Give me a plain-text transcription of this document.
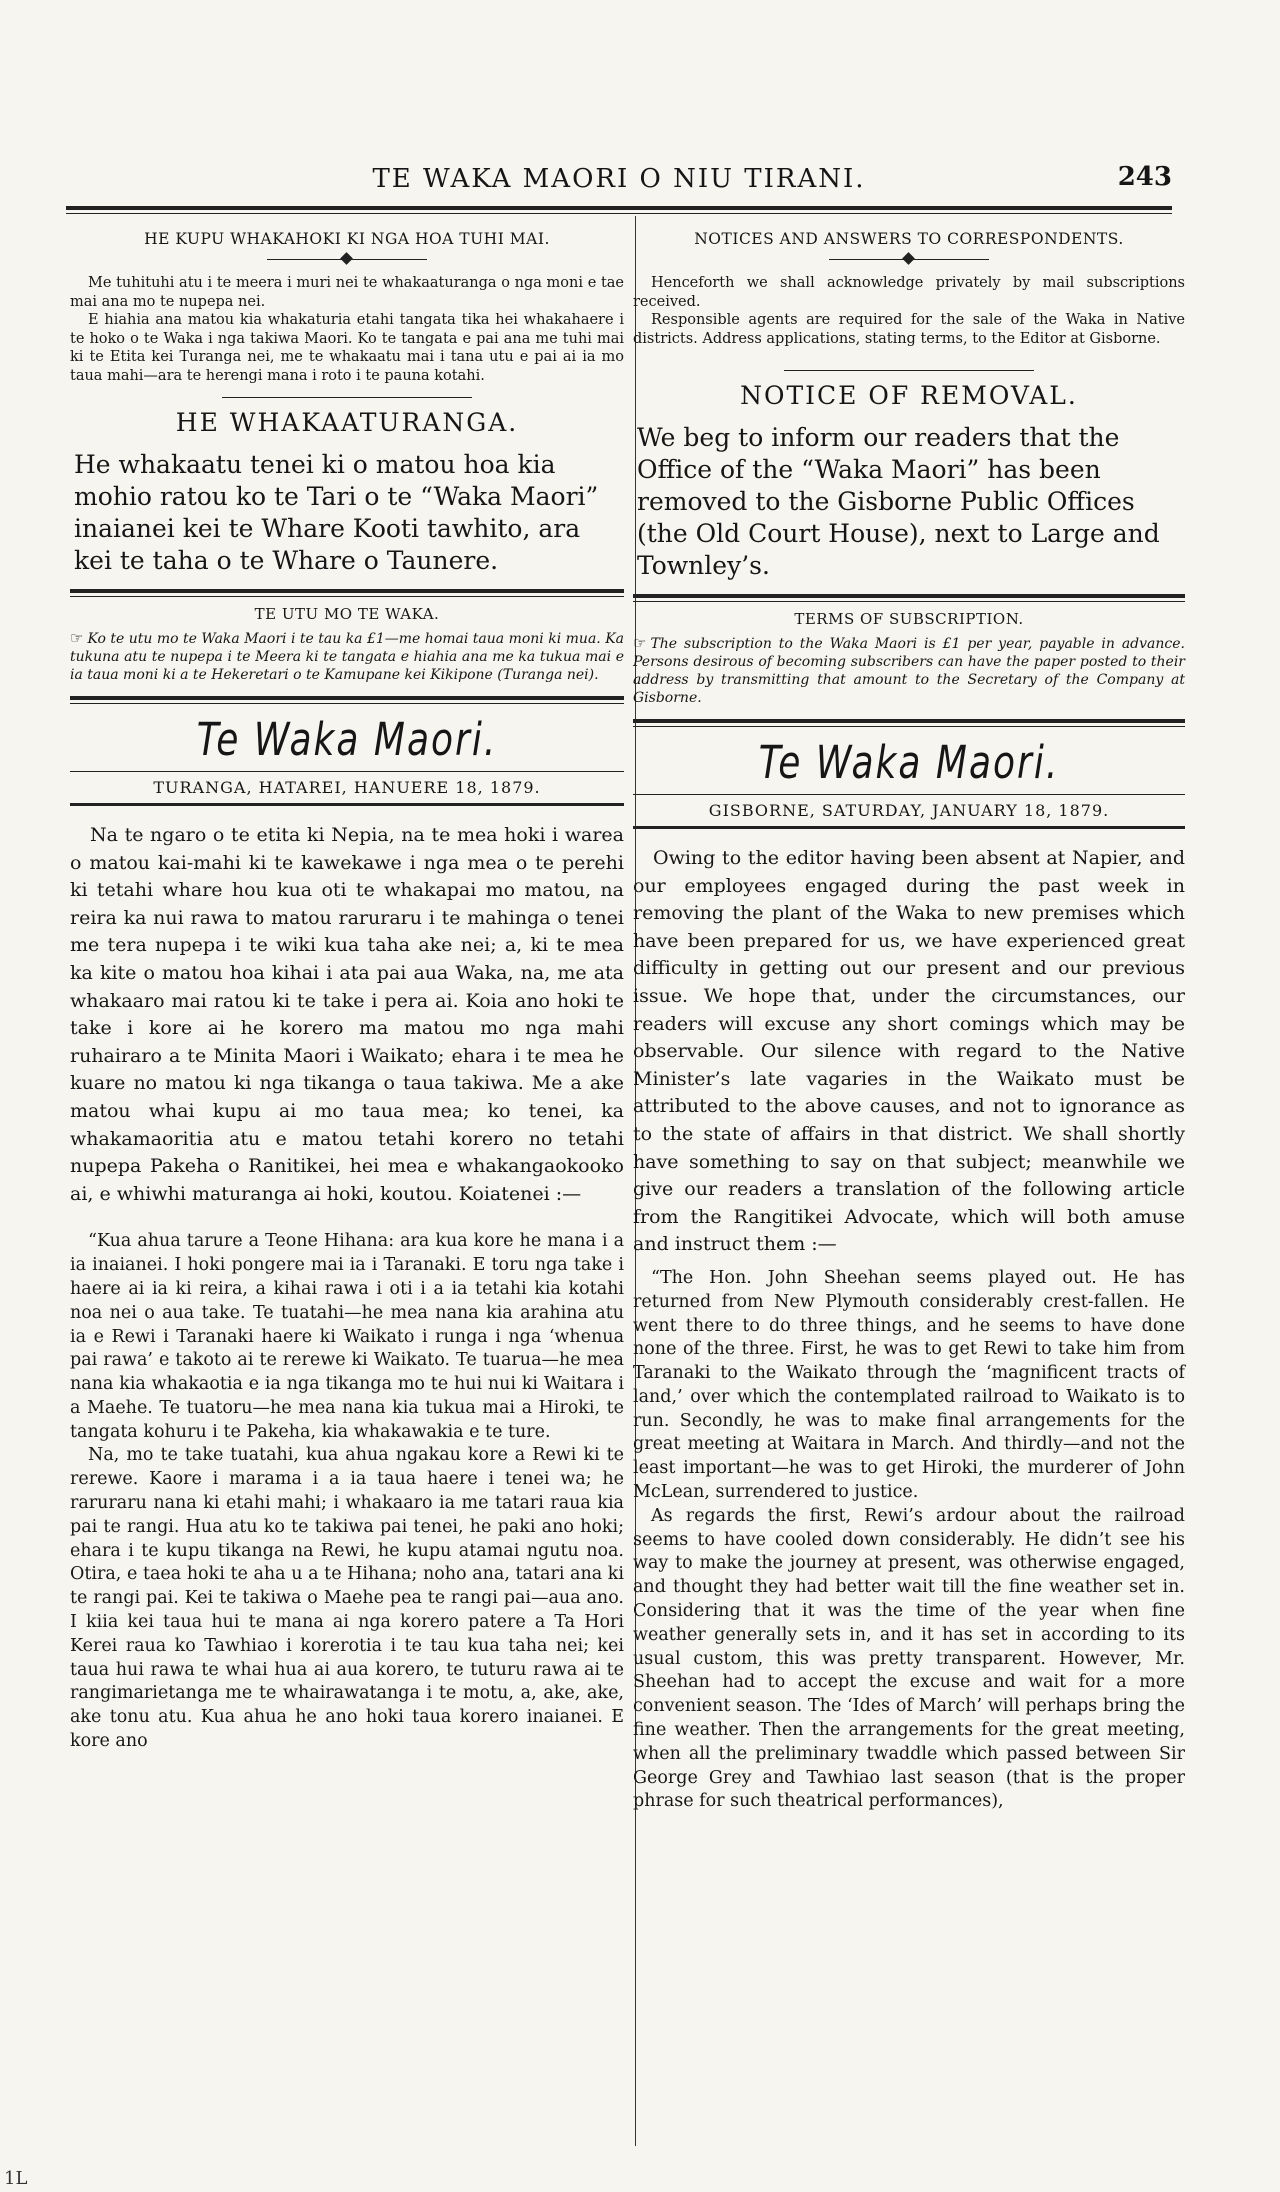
TE WAKA MAORI O NIU TIRANI.	243
HE KUPU WHAKAHOKI KI NGA HOA TUHI MAI.
Me tuhituhi atu i te meera i muri nei te whakaaturanga o nga moni e tae mai ana mo te nupepa nei.
E hiahia ana matou kia whakaturia etahi tangata tika hei whakahaere i te hoko o te Waka i nga takiwa Maori. Ko te tangata e pai ana me tuhi mai ki te Etita kei Turanga nei, me te whakaatu mai i tana utu e pai ai ia mo taua mahi—ara te herengi mana i roto i te pauna kotahi.
HE WHAKAATURANGA.
He whakaatu tenei ki o matou hoa kia mohio ratou ko te Tari o te “Waka Maori” inaianei kei te Whare Kooti tawhito, ara kei te taha o te Whare o Taunere.
TE UTU MO TE WAKA.
☞ Ko te utu mo te Waka Maori i te tau ka £1—me homai taua moni ki mua. Ka tukuna atu te nupepa i te Meera ki te tangata e hiahia ana me ka tukua mai e ia taua moni ki a te Hekeretari o te Kamupane kei Kikipone (Turanga nei).
Te Waka Maori.
TURANGA, HATAREI, HANUERE 18, 1879.

Na te ngaro o te etita ki Nepia, na te mea hoki i warea o matou kai-mahi ki te kawekawe i nga mea o te perehi ki tetahi whare hou kua oti te whakapai mo matou, na reira ka nui rawa to matou raruraru i te mahinga o tenei me tera nupepa i te wiki kua taha ake nei; a, ki te mea ka kite o matou hoa kihai i ata pai aua Waka, na, me ata whakaaro mai ratou ki te take i pera ai. Koia ano hoki te take i kore ai he korero ma matou mo nga mahi ruhairaro a te Minita Maori i Waikato; ehara i te mea he kuare no matou ki nga tikanga o taua takiwa. Me a ake matou whai kupu ai mo taua mea; ko tenei, ka whakamaoritia atu e matou tetahi korero no tetahi nupepa Pakeha o Ranitikei, hei mea e whakangaokooko ai, e whiwhi maturanga ai hoki, koutou. Koiatenei :—

“Kua ahua tarure a Teone Hihana: ara kua kore he mana i a ia inaianei. I hoki pongere mai ia i Taranaki. E toru nga take i haere ai ia ki reira, a kihai rawa i oti i a ia tetahi kia kotahi noa nei o aua take. Te tuatahi—he mea nana kia arahina atu ia e Rewi i Taranaki haere ki Waikato i runga i nga ‘whenua pai rawa’ e takoto ai te rerewe ki Waikato. Te tuarua—he mea nana kia whakaotia e ia nga tikanga mo te hui nui ki Waitara i a Maehe. Te tuatoru—he mea nana kia tukua mai a Hiroki, te tangata kohuru i te Pakeha, kia whakawakia e te ture.

Na, mo te take tuatahi, kua ahua ngakau kore a Rewi ki te rerewe. Kaore i marama i a ia taua haere i tenei wa; he raruraru nana ki etahi mahi; i whakaaro ia me tatari raua kia pai te rangi. Hua atu ko te takiwa pai tenei, he paki ano hoki; ehara i te kupu tikanga na Rewi, he kupu atamai ngutu noa. Otira, e taea hoki te aha u a te Hihana; noho ana, tatari ana ki te rangi pai. Kei te takiwa o Maehe pea te rangi pai—aua ano. I kiia kei taua hui te mana ai nga korero patere a Ta Hori Kerei raua ko Tawhiao i korerotia i te tau kua taha nei; kei taua hui rawa te whai hua ai aua korero, te tuturu rawa ai te rangimarietanga me te whairawatanga i te motu, a, ake, ake, ake tonu atu. Kua ahua he ano hoki taua korero inaianei. E kore ano

NOTICES AND ANSWERS TO CORRESPONDENTS.
Henceforth we shall acknowledge privately by mail subscriptions received.
Responsible agents are required for the sale of the Waka in Native districts. Address applications, stating terms, to the Editor at Gisborne.
NOTICE OF REMOVAL.
We beg to inform our readers that the Office of the “Waka Maori” has been removed to the Gisborne Public Offices (the Old Court House), next to Large and Townley’s.
TERMS OF SUBSCRIPTION.
☞ The subscription to the Waka Maori is £1 per year, payable in advance. Persons desirous of becoming subscribers can have the paper posted to their address by transmitting that amount to the Secretary of the Company at Gisborne.
Te Waka Maori.
GISBORNE, SATURDAY, JANUARY 18, 1879.

Owing to the editor having been absent at Napier, and our employees engaged during the past week in removing the plant of the Waka to new premises which have been prepared for us, we have experienced great difficulty in getting out our present and our previous issue. We hope that, under the circumstances, our readers will excuse any short comings which may be observable. Our silence with regard to the Native Minister’s late vagaries in the Waikato must be attributed to the above causes, and not to ignorance as to the state of affairs in that district. We shall shortly have something to say on that subject; meanwhile we give our readers a translation of the following article from the Rangitikei Advocate, which will both amuse and instruct them :—

“The Hon. John Sheehan seems played out. He has returned from New Plymouth considerably crest-fallen. He went there to do three things, and he seems to have done none of the three. First, he was to get Rewi to take him from Taranaki to the Waikato through the ‘magnificent tracts of land,’ over which the contemplated railroad to Waikato is to run. Secondly, he was to make final arrangements for the great meeting at Waitara in March. And thirdly—and not the least important—he was to get Hiroki, the murderer of John McLean, surrendered to justice.

As regards the first, Rewi’s ardour about the railroad seems to have cooled down considerably. He didn’t see his way to make the journey at present, was otherwise engaged, and thought they had better wait till the fine weather set in. Considering that it was the time of the year when fine weather generally sets in, and it has set in according to its usual custom, this was pretty transparent. However, Mr. Sheehan had to accept the excuse and wait for a more convenient season. The ‘Ides of March’ will perhaps bring the fine weather. Then the arrangements for the great meeting, when all the preliminary twaddle which passed between Sir George Grey and Tawhiao last season (that is the proper phrase for such theatrical performances),

1L
